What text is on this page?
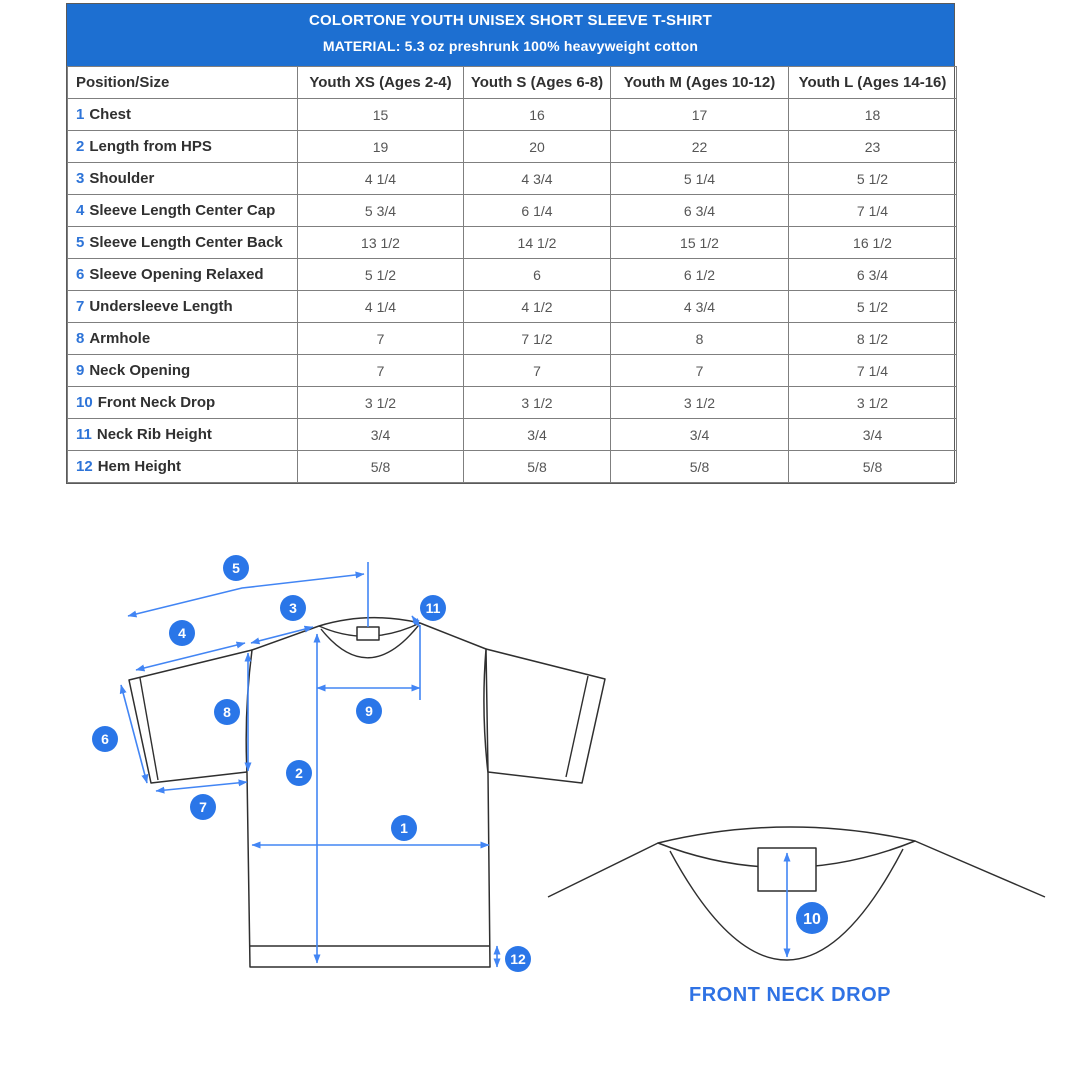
COLORTONE YOUTH UNISEX SHORT SLEEVE T-SHIRT
MATERIAL: 5.3 oz preshrunk 100% heavyweight cotton
Position/Size	Youth XS (Ages 2-4)	Youth S (Ages 6-8)	Youth M (Ages 10-12)	Youth L (Ages 14-16)
1 Chest	15	16	17	18
2 Length from HPS	19	20	22	23
3 Shoulder	4 1/4	4 3/4	5 1/4	5 1/2
4 Sleeve Length Center Cap	5 3/4	6 1/4	6 3/4	7 1/4
5 Sleeve Length Center Back	13 1/2	14 1/2	15 1/2	16 1/2
6 Sleeve Opening Relaxed	5 1/2	6	6 1/2	6 3/4
7 Undersleeve Length	4 1/4	4 1/2	4 3/4	5 1/2
8 Armhole	7	7 1/2	8	8 1/2
9 Neck Opening	7	7	7	7 1/4
10 Front Neck Drop	3 1/2	3 1/2	3 1/2	3 1/2
11 Neck Rib Height	3/4	3/4	3/4	3/4
12 Hem Height	5/8	5/8	5/8	5/8
FRONT NECK DROP
1
2
3
4
5
6
7
8	9
10
11
12
